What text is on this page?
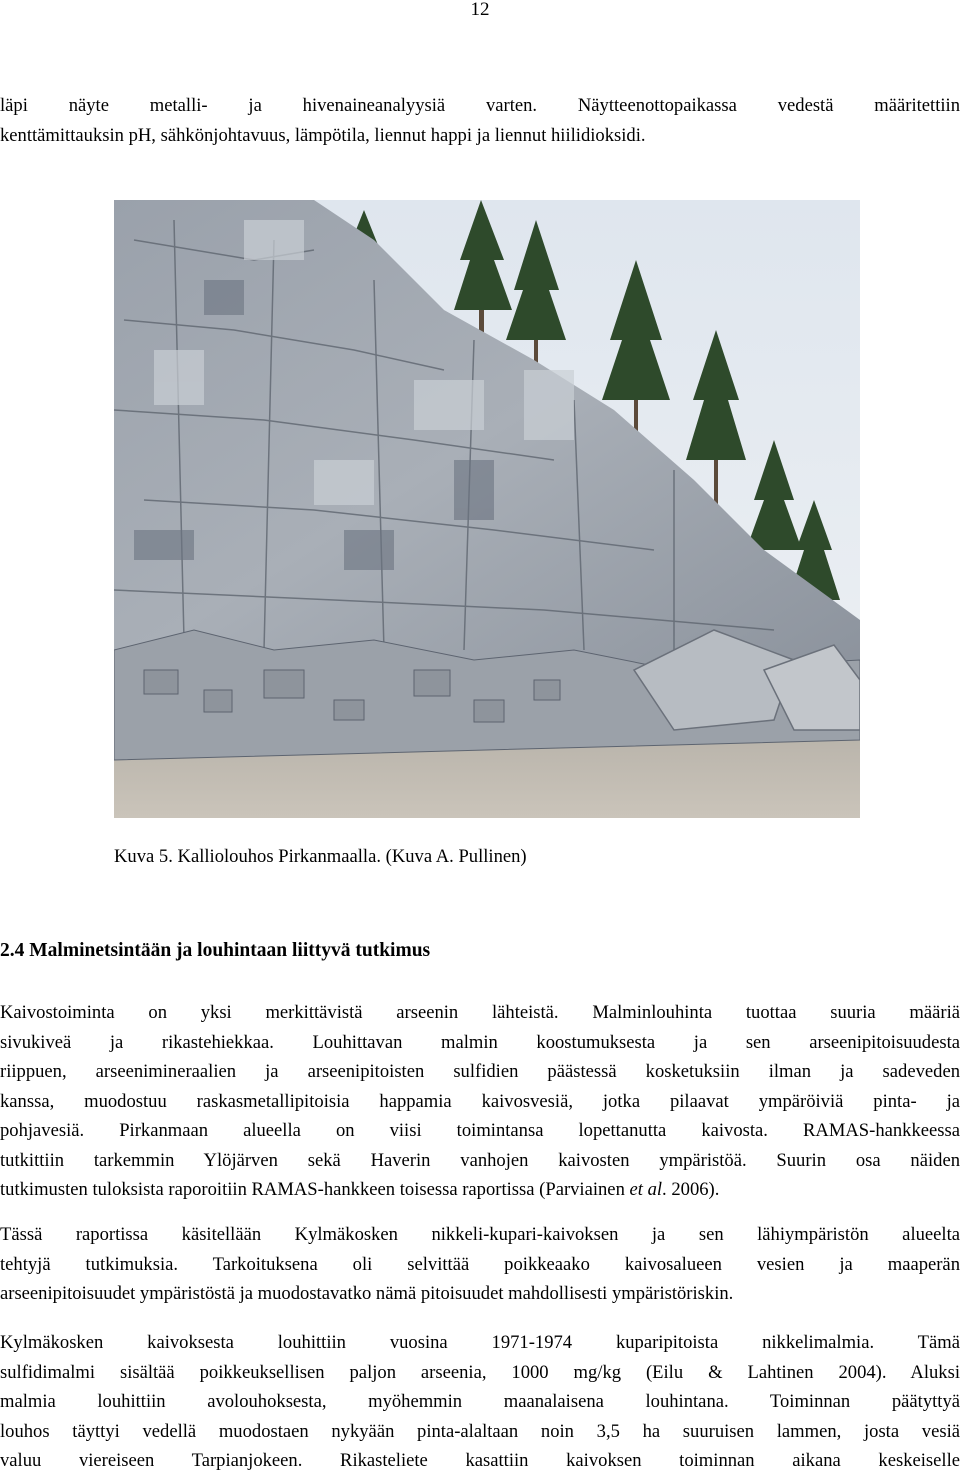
12

läpi näyte metalli- ja hivenaineanalyysiä varten. Näytteenottopaikassa vedestä määritettiin
kenttämittauksin pH, sähkönjohtavuus, lämpötila, liennut happi ja liennut hiilidioksidi.

Kuva 5. Kalliolouhos Pirkanmaalla. (Kuva A. Pullinen)
2.4 Malminetsintään ja louhintaan liittyvä tutkimus

Kaivostoiminta on yksi merkittävistä arseenin lähteistä. Malminlouhinta tuottaa suuria määriä
sivukiveä ja rikastehiekkaa. Louhittavan malmin koostumuksesta ja sen arseenipitoisuudesta
riippuen, arseenimineraalien ja arseenipitoisten sulfidien päästessä kosketuksiin ilman ja sadeveden
kanssa, muodostuu raskasmetallipitoisia happamia kaivosvesiä, jotka pilaavat ympäröiviä pinta- ja
pohjavesiä. Pirkanmaan alueella on viisi toimintansa lopettanutta kaivosta. RAMAS-hankkeessa
tutkittiin tarkemmin Ylöjärven sekä Haverin vanhojen kaivosten ympäristöä. Suurin osa näiden
tutkimusten tuloksista raporoitiin RAMAS-hankkeen toisessa raportissa (Parviainen et al. 2006).

Tässä raportissa käsitellään Kylmäkosken nikkeli-kupari-kaivoksen ja sen lähiympäristön alueelta
tehtyjä tutkimuksia. Tarkoituksena oli selvittää poikkeaako kaivosalueen vesien ja maaperän
arseenipitoisuudet ympäristöstä ja muodostavatko nämä pitoisuudet mahdollisesti ympäristöriskin.

Kylmäkosken kaivoksesta louhittiin vuosina 1971-1974 kuparipitoista nikkelimalmia. Tämä
sulfidimalmi sisältää poikkeuksellisen paljon arseenia, 1000 mg/kg (Eilu & Lahtinen 2004). Aluksi
malmia louhittiin avolouhoksesta, myöhemmin maanalaisena louhintana. Toiminnan päätyttyä
louhos täyttyi vedellä muodostaen nykyään pinta-alaltaan noin 3,5 ha suuruisen lammen, josta vesiä
valuu viereiseen Tarpianjokeen. Rikasteliete kasattiin kaivoksen toiminnan aikana keskeiselle
